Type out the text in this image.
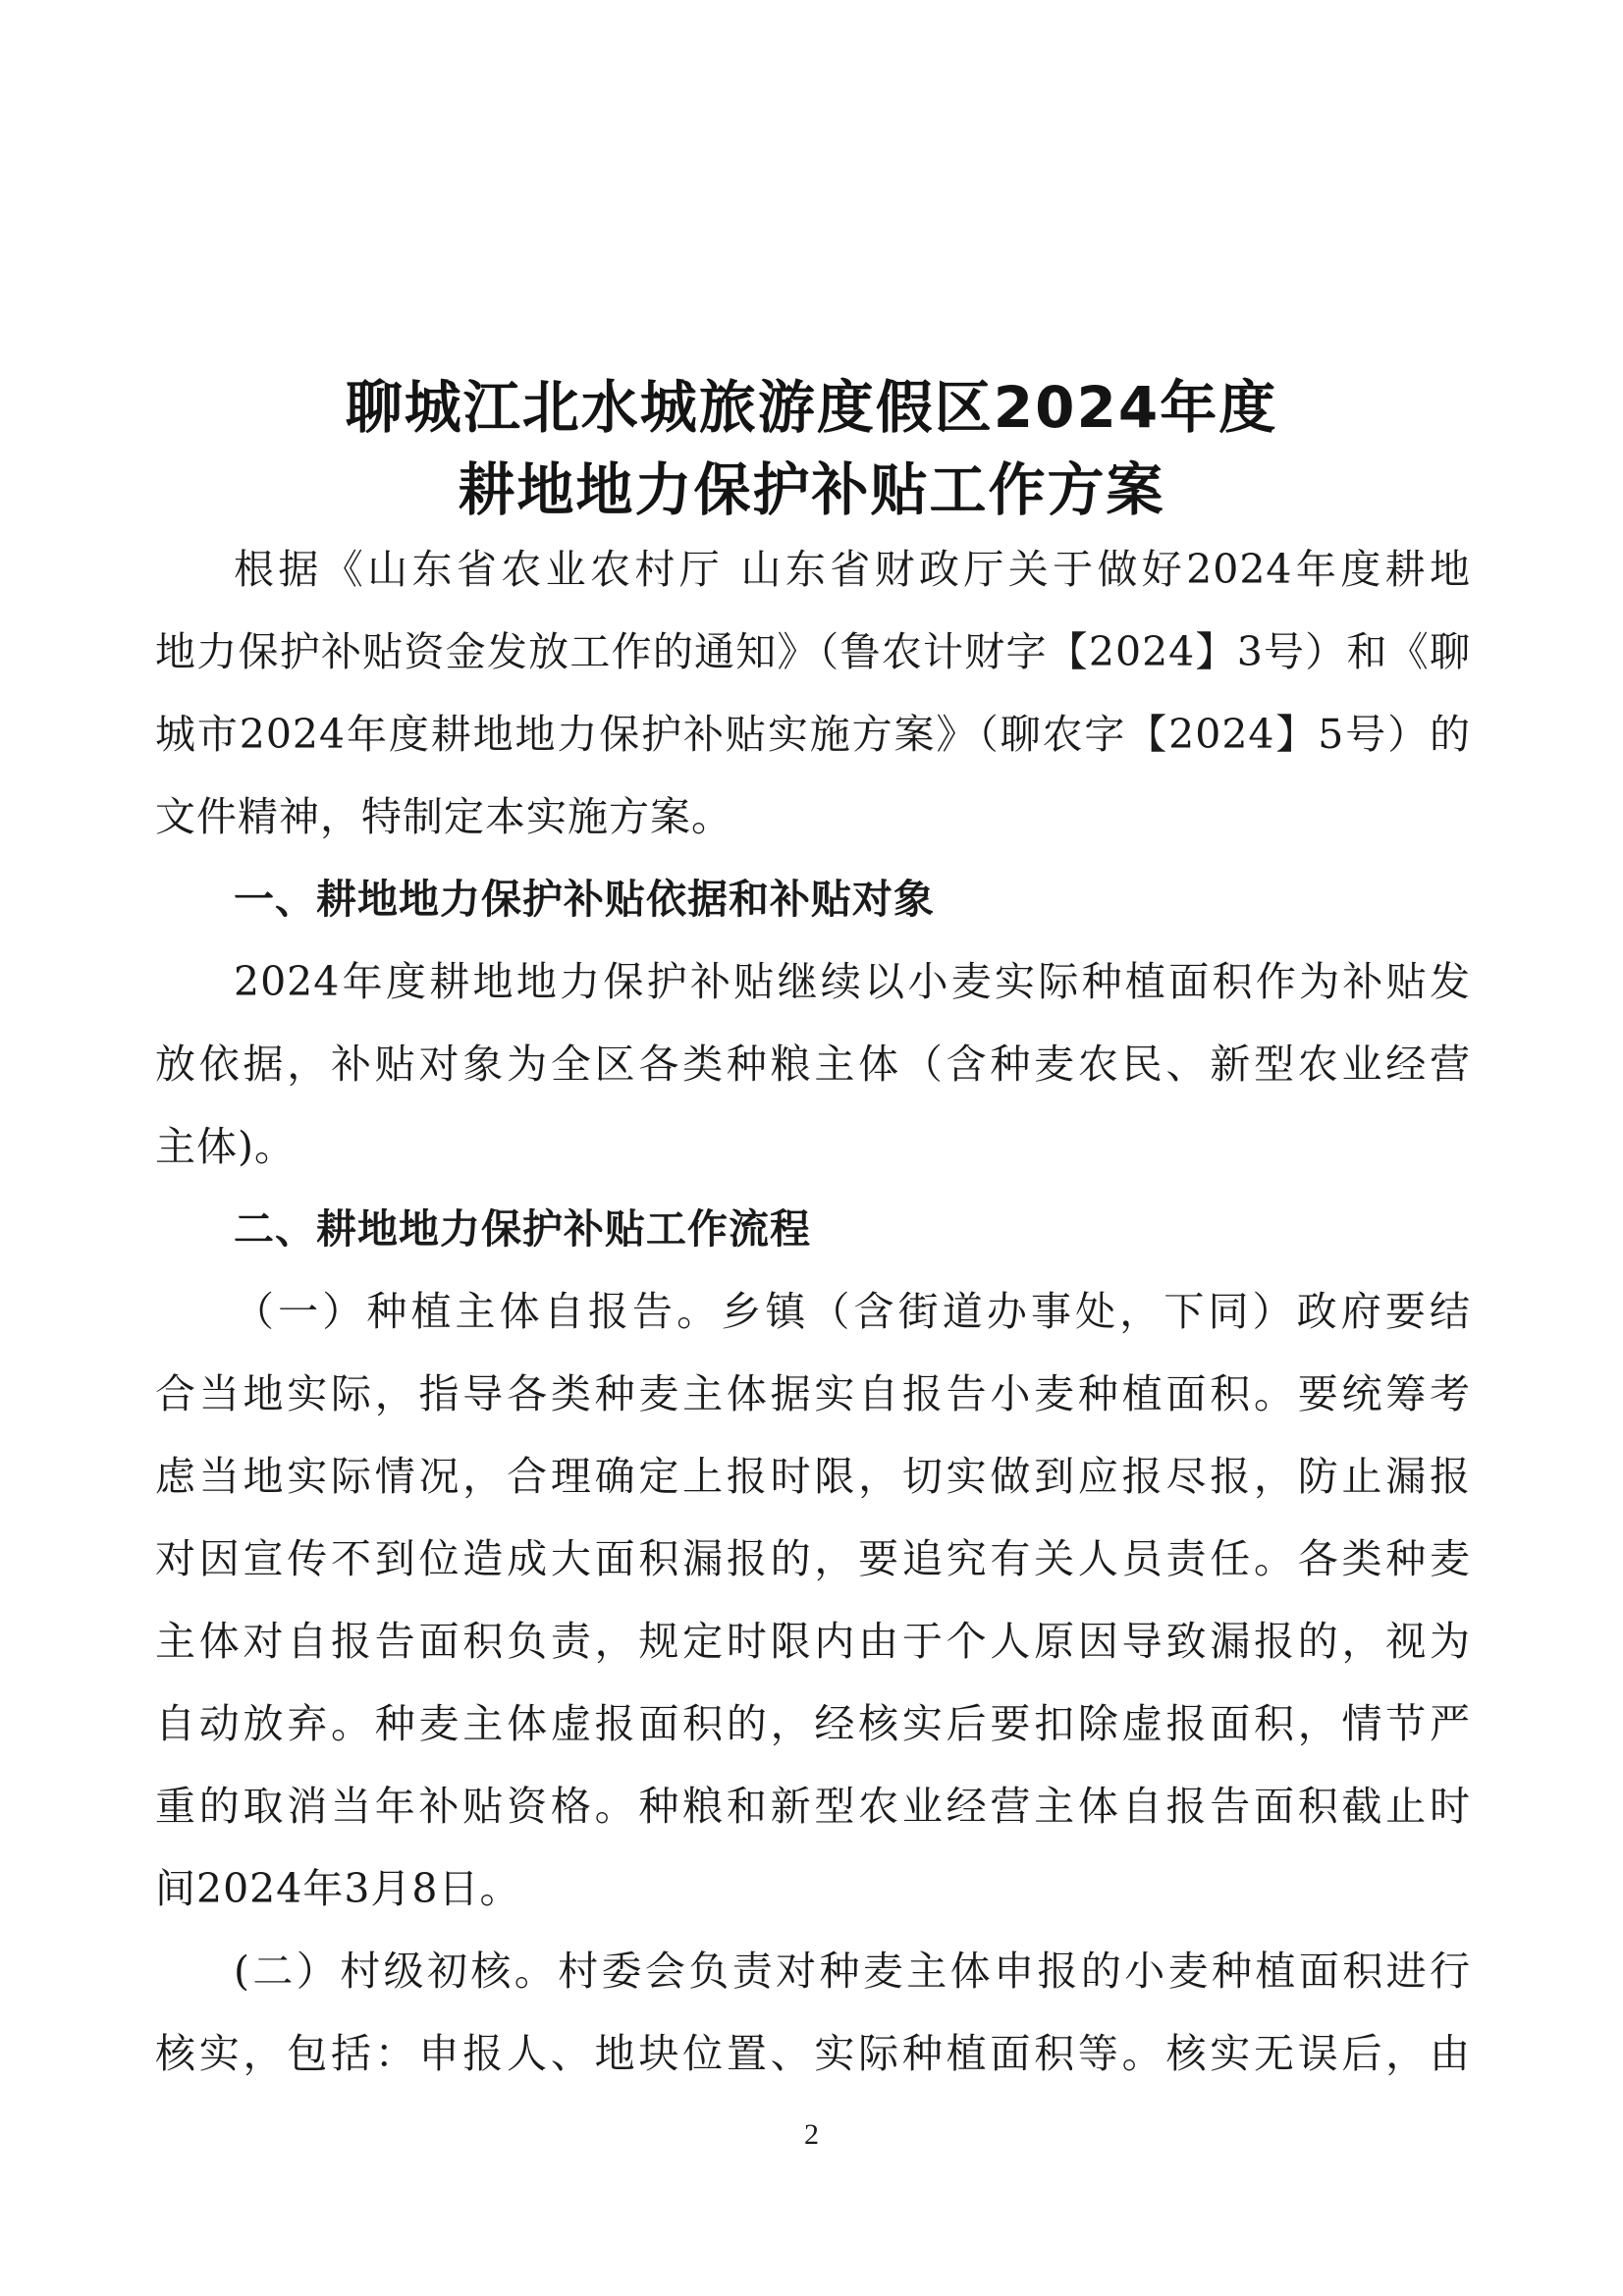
聊城江北水城旅游度假区2024年度
耕地地力保护补贴工作方案
根据《山东省农业农村厅 山东省财政厅关于做好2024年度耕地
地力保护补贴资金发放工作的通知》（鲁农计财字【2024】3号）和《聊
城市2024年度耕地地力保护补贴实施方案》（聊农字【2024】5号）的
文件精神，特制定本实施方案。
一、耕地地力保护补贴依据和补贴对象
2024年度耕地地力保护补贴继续以小麦实际种植面积作为补贴发
放依据，补贴对象为全区各类种粮主体（含种麦农民、新型农业经营
主体)。
二、耕地地力保护补贴工作流程
（一）种植主体自报告。乡镇（含街道办事处，下同）政府要结
合当地实际，指导各类种麦主体据实自报告小麦种植面积。要统筹考
虑当地实际情况，合理确定上报时限，切实做到应报尽报，防止漏报
对因宣传不到位造成大面积漏报的，要追究有关人员责任。各类种麦
主体对自报告面积负责，规定时限内由于个人原因导致漏报的，视为
自动放弃。种麦主体虚报面积的，经核实后要扣除虚报面积，情节严
重的取消当年补贴资格。种粮和新型农业经营主体自报告面积截止时
间2024年3月8日。
(二）村级初核。村委会负责对种麦主体申报的小麦种植面积进行
核实，包括：申报人、地块位置、实际种植面积等。核实无误后，由
2
